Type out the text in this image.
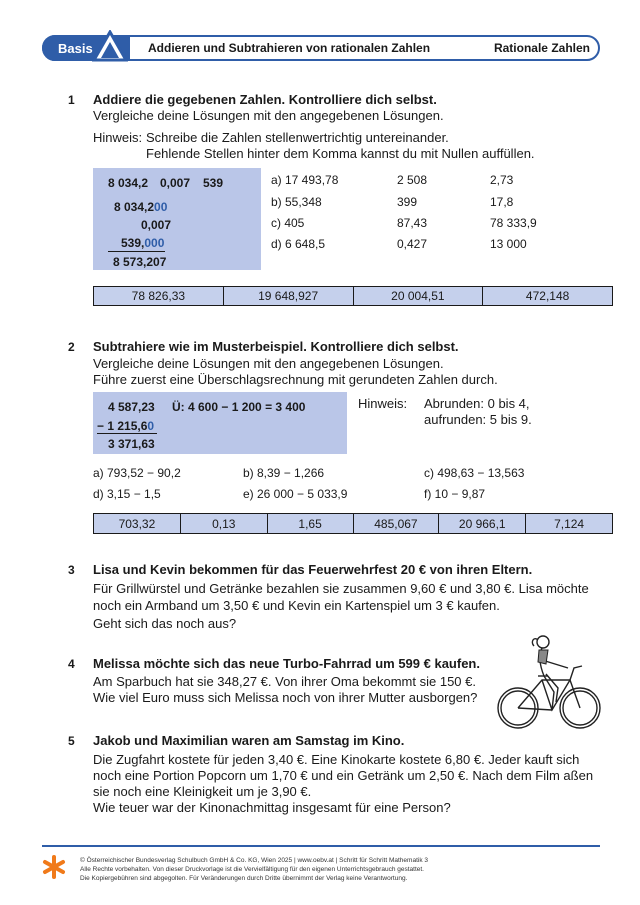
Basis	Addieren und Subtrahieren von rationalen Zahlen	Rationale Zahlen
1 Addiere die gegebenen Zahlen. Kontrolliere dich selbst.
Vergleiche deine Lösungen mit den angegebenen Lösungen.
Hinweis: Schreibe die Zahlen stellenwertrichtig untereinander.
Fehlende Stellen hinter dem Komma kannst du mit Nullen auffüllen.
8 034,2 0,007 539
8 034,200
0,007
539,000
8 573,207
a) 17 493,78	2 508	2,73
b) 55,348	399	17,8
c) 405	87,43	78 333,9
d) 6 648,5	0,427	13 000
78 826,33	19 648,927	20 004,51	472,148
2 Subtrahiere wie im Musterbeispiel. Kontrolliere dich selbst.
Vergleiche deine Lösungen mit den angegebenen Lösungen.
Führe zuerst eine Überschlagsrechnung mit gerundeten Zahlen durch.
4 587,23 Ü: 4 600 − 1 200 = 3 400
− 1 215,60
3 371,63
Hinweis: Abrunden: 0 bis 4,
aufrunden: 5 bis 9.
a) 793,52 − 90,2	b) 8,39 − 1,266	c) 498,63 − 13,563
d) 3,15 − 1,5	e) 26 000 − 5 033,9	f) 10 − 9,87
703,32	0,13	1,65	485,067	20 966,1	7,124
3 Lisa und Kevin bekommen für das Feuerwehrfest 20 € von ihren Eltern.
Für Grillwürstel und Getränke bezahlen sie zusammen 9,60 € und 3,80 €. Lisa möchte
noch ein Armband um 3,50 € und Kevin ein Kartenspiel um 3 € kaufen.
Geht sich das noch aus?
4 Melissa möchte sich das neue Turbo-Fahrrad um 599 € kaufen.
Am Sparbuch hat sie 348,27 €. Von ihrer Oma bekommt sie 150 €.
Wie viel Euro muss sich Melissa noch von ihrer Mutter ausborgen?
5 Jakob und Maximilian waren am Samstag im Kino.
Die Zugfahrt kostete für jeden 3,40 €. Eine Kinokarte kostete 6,80 €. Jeder kauft sich
noch eine Portion Popcorn um 1,70 € und ein Getränk um 2,50 €. Nach dem Film aßen
sie noch eine Kleinigkeit um je 3,90 €.
Wie teuer war der Kinonachmittag insgesamt für eine Person?
© Österreichischer Bundesverlag Schulbuch GmbH & Co. KG, Wien 2025 | www.oebv.at | Schritt für Schritt Mathematik 3
Alle Rechte vorbehalten. Von dieser Druckvorlage ist die Vervielfältigung für den eigenen Unterrichtsgebrauch gestattet.
Die Kopiergebühren sind abgegolten. Für Veränderungen durch Dritte übernimmt der Verlag keine Verantwortung.
